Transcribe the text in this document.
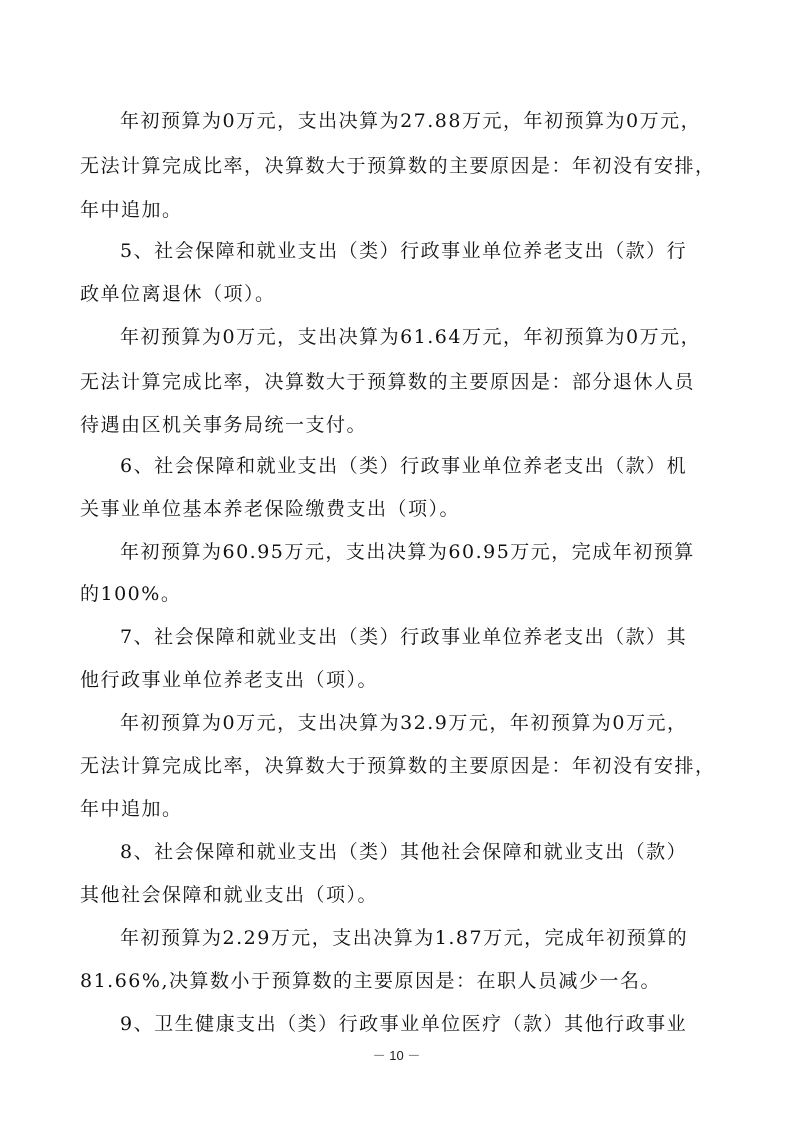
年初预算为0万元，支出决算为27.88万元，年初预算为0万元，
无法计算完成比率，决算数大于预算数的主要原因是：年初没有安排，
年中追加。
5、社会保障和就业支出（类）行政事业单位养老支出（款）行
政单位离退休（项）。
年初预算为0万元，支出决算为61.64万元，年初预算为0万元，
无法计算完成比率，决算数大于预算数的主要原因是：部分退休人员
待遇由区机关事务局统一支付。
6、社会保障和就业支出（类）行政事业单位养老支出（款）机
关事业单位基本养老保险缴费支出（项）。
年初预算为60.95万元，支出决算为60.95万元，完成年初预算
的100%。
7、社会保障和就业支出（类）行政事业单位养老支出（款）其
他行政事业单位养老支出（项）。
年初预算为0万元，支出决算为32.9万元，年初预算为0万元，
无法计算完成比率，决算数大于预算数的主要原因是：年初没有安排，
年中追加。
8、社会保障和就业支出（类）其他社会保障和就业支出（款）
其他社会保障和就业支出（项）。
年初预算为2.29万元，支出决算为1.87万元，完成年初预算的
81.66%,决算数小于预算数的主要原因是：在职人员减少一名。
9、卫生健康支出（类）行政事业单位医疗（款）其他行政事业
－ 10 －
